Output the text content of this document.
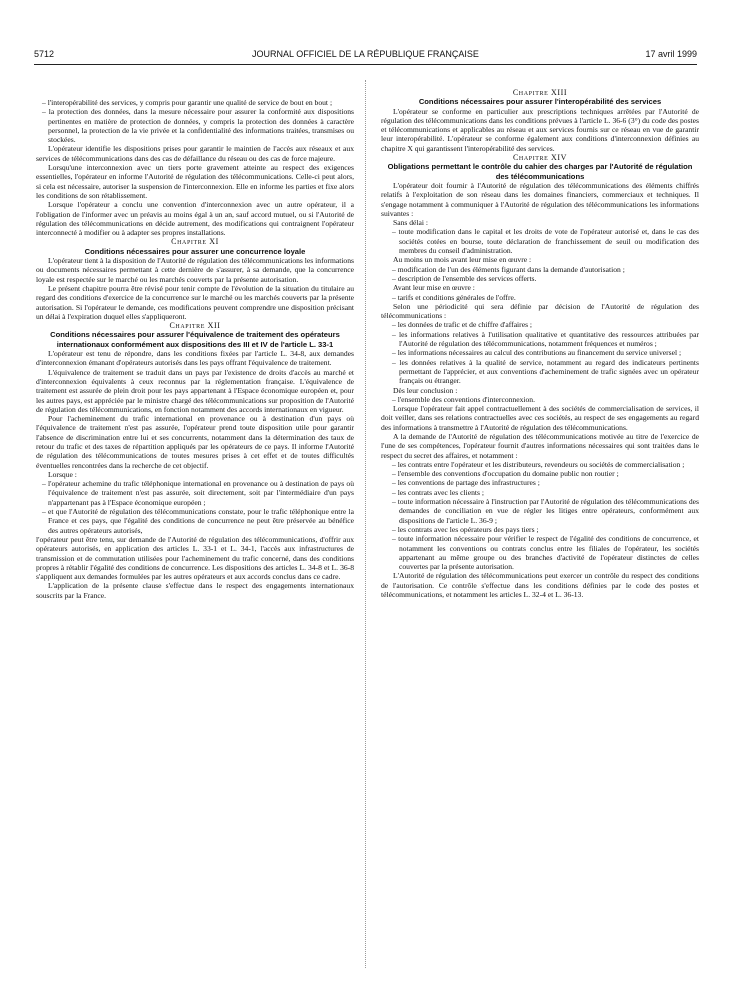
5712	JOURNAL OFFICIEL DE LA RÉPUBLIQUE FRANÇAISE	17 avril 1999

– l'interopérabilité des services, y compris pour garantir une qualité de service de bout en bout ;

– la protection des données, dans la mesure nécessaire pour assurer la conformité aux dispositions pertinentes en matière de protection de données, y compris la protection des données à caractère personnel, la protection de la vie privée et la confidentialité des informations traitées, transmises ou stockées.

L'opérateur identifie les dispositions prises pour garantir le maintien de l'accès aux réseaux et aux services de télécommunications dans des cas de défaillance du réseau ou des cas de force majeure.

Lorsqu'une interconnexion avec un tiers porte gravement atteinte au respect des exigences essentielles, l'opérateur en informe l'Autorité de régulation des télécommunications. Celle-ci peut alors, si cela est nécessaire, autoriser la suspension de l'interconnexion. Elle en informe les parties et fixe alors les conditions de son rétablissement.

Lorsque l'opérateur a conclu une convention d'interconnexion avec un autre opérateur, il a l'obligation de l'informer avec un préavis au moins égal à un an, sauf accord mutuel, ou si l'Autorité de régulation des télécommunications en décide autrement, des modifications qui contraignent l'opérateur interconnecté à modifier ou à adapter ses propres installations.

Chapitre XI

Conditions nécessaires pour assurer une concurrence loyale

L'opérateur tient à la disposition de l'Autorité de régulation des télécommunications les informations ou documents nécessaires permettant à cette dernière de s'assurer, à sa demande, que la concurrence loyale est respectée sur le marché ou les marchés couverts par la présente autorisation.

Le présent chapitre pourra être révisé pour tenir compte de l'évolution de la situation du titulaire au regard des conditions d'exercice de la concurrence sur le marché ou les marchés couverts par la présente autorisation. Si l'opérateur le demande, ces modifications peuvent comprendre une disposition précisant un délai à l'expiration duquel elles s'appliqueront.

Chapitre XII

Conditions nécessaires pour assurer l'équivalence de traitement des opérateurs internationaux conformément aux dispositions des III et IV de l'article L. 33-1

L'opérateur est tenu de répondre, dans les conditions fixées par l'article L. 34-8, aux demandes d'interconnexion émanant d'opérateurs autorisés dans les pays offrant l'équivalence de traitement.

L'équivalence de traitement se traduit dans un pays par l'existence de droits d'accès au marché et d'interconnexion équivalents à ceux reconnus par la réglementation française. L'équivalence de traitement est assurée de plein droit pour les pays appartenant à l'Espace économique européen et, pour les autres pays, est appréciée par le ministre chargé des télécommunications sur proposition de l'Autorité de régulation des télécommunications, en fonction notamment des accords internationaux en vigueur.

Pour l'acheminement du trafic international en provenance ou à destination d'un pays où l'équivalence de traitement n'est pas assurée, l'opérateur prend toute disposition utile pour garantir l'absence de discrimination entre lui et ses concurrents, notamment dans la détermination des taux de retour du trafic et des taxes de répartition appliqués par les opérateurs de ce pays. Il informe l'Autorité de régulation des télécommunications de toutes mesures prises à cet effet et de toutes difficultés éventuelles rencontrées dans la recherche de cet objectif.

Lorsque :

– l'opérateur achemine du trafic téléphonique international en provenance ou à destination de pays où l'équivalence de traitement n'est pas assurée, soit directement, soit par l'intermédiaire d'un pays n'appartenant pas à l'Espace économique européen ;

– et que l'Autorité de régulation des télécommunications constate, pour le trafic téléphonique entre la France et ces pays, que l'égalité des conditions de concurrence ne peut être préservée au bénéfice des autres opérateurs autorisés,

l'opérateur peut être tenu, sur demande de l'Autorité de régulation des télécommunications, d'offrir aux opérateurs autorisés, en application des articles L. 33-1 et L. 34-1, l'accès aux infrastructures de transmission et de commutation utilisées pour l'acheminement du trafic concerné, dans des conditions propres à rétablir l'égalité des conditions de concurrence. Les dispositions des articles L. 34-8 et L. 36-8 s'appliquent aux demandes formulées par les autres opérateurs et aux accords conclus dans ce cadre.

L'application de la présente clause s'effectue dans le respect des engagements internationaux souscrits par la France.

Chapitre XIII

Conditions nécessaires pour assurer l'interopérabilité des services

L'opérateur se conforme en particulier aux prescriptions techniques arrêtées par l'Autorité de régulation des télécommunications dans les conditions prévues à l'article L. 36-6 (3°) du code des postes et télécommunications et applicables au réseau et aux services fournis sur ce réseau en vue de garantir leur interopérabilité. L'opérateur se conforme également aux conditions d'interconnexion définies au chapitre X qui garantissent l'interopérabilité des services.

Chapitre XIV

Obligations permettant le contrôle du cahier des charges par l'Autorité de régulation des télécommunications

L'opérateur doit fournir à l'Autorité de régulation des télécommunications des éléments chiffrés relatifs à l'exploitation de son réseau dans les domaines financiers, commerciaux et techniques. Il s'engage notamment à communiquer à l'Autorité de régulation des télécommunications les informations suivantes :

Sans délai :

– toute modification dans le capital et les droits de vote de l'opérateur autorisé et, dans le cas des sociétés cotées en bourse, toute déclaration de franchissement de seuil ou modification des membres du conseil d'administration.

Au moins un mois avant leur mise en œuvre :

– modification de l'un des éléments figurant dans la demande d'autorisation ;

– description de l'ensemble des services offerts.

Avant leur mise en œuvre :

– tarifs et conditions générales de l'offre.

Selon une périodicité qui sera définie par décision de l'Autorité de régulation des télécommunications :

– les données de trafic et de chiffre d'affaires ;

– les informations relatives à l'utilisation qualitative et quantitative des ressources attribuées par l'Autorité de régulation des télécommunications, notamment fréquences et numéros ;

– les informations nécessaires au calcul des contributions au financement du service universel ;

– les données relatives à la qualité de service, notamment au regard des indicateurs pertinents permettant de l'apprécier, et aux conventions d'acheminement de trafic signées avec un opérateur français ou étranger.

Dès leur conclusion :

– l'ensemble des conventions d'interconnexion.

Lorsque l'opérateur fait appel contractuellement à des sociétés de commercialisation de services, il doit veiller, dans ses relations contractuelles avec ces sociétés, au respect de ses engagements au regard des informations à transmettre à l'Autorité de régulation des télécommunications.

A la demande de l'Autorité de régulation des télécommunications motivée au titre de l'exercice de l'une de ses compétences, l'opérateur fournit d'autres informations nécessaires qui sont traitées dans le respect du secret des affaires, et notamment :

– les contrats entre l'opérateur et les distributeurs, revendeurs ou sociétés de commercialisation ;

– l'ensemble des conventions d'occupation du domaine public non routier ;

– les conventions de partage des infrastructures ;

– les contrats avec les clients ;

– toute information nécessaire à l'instruction par l'Autorité de régulation des télécommunications des demandes de conciliation en vue de régler les litiges entre opérateurs, conformément aux dispositions de l'article L. 36-9 ;

– les contrats avec les opérateurs des pays tiers ;

– toute information nécessaire pour vérifier le respect de l'égalité des conditions de concurrence, et notamment les conventions ou contrats conclus entre les filiales de l'opérateur, les sociétés appartenant au même groupe ou des branches d'activité de l'opérateur distinctes de celles couvertes par la présente autorisation.

L'Autorité de régulation des télécommunications peut exercer un contrôle du respect des conditions de l'autorisation. Ce contrôle s'effectue dans les conditions définies par le code des postes et télécommunications, et notamment les articles L. 32-4 et L. 36-13.
